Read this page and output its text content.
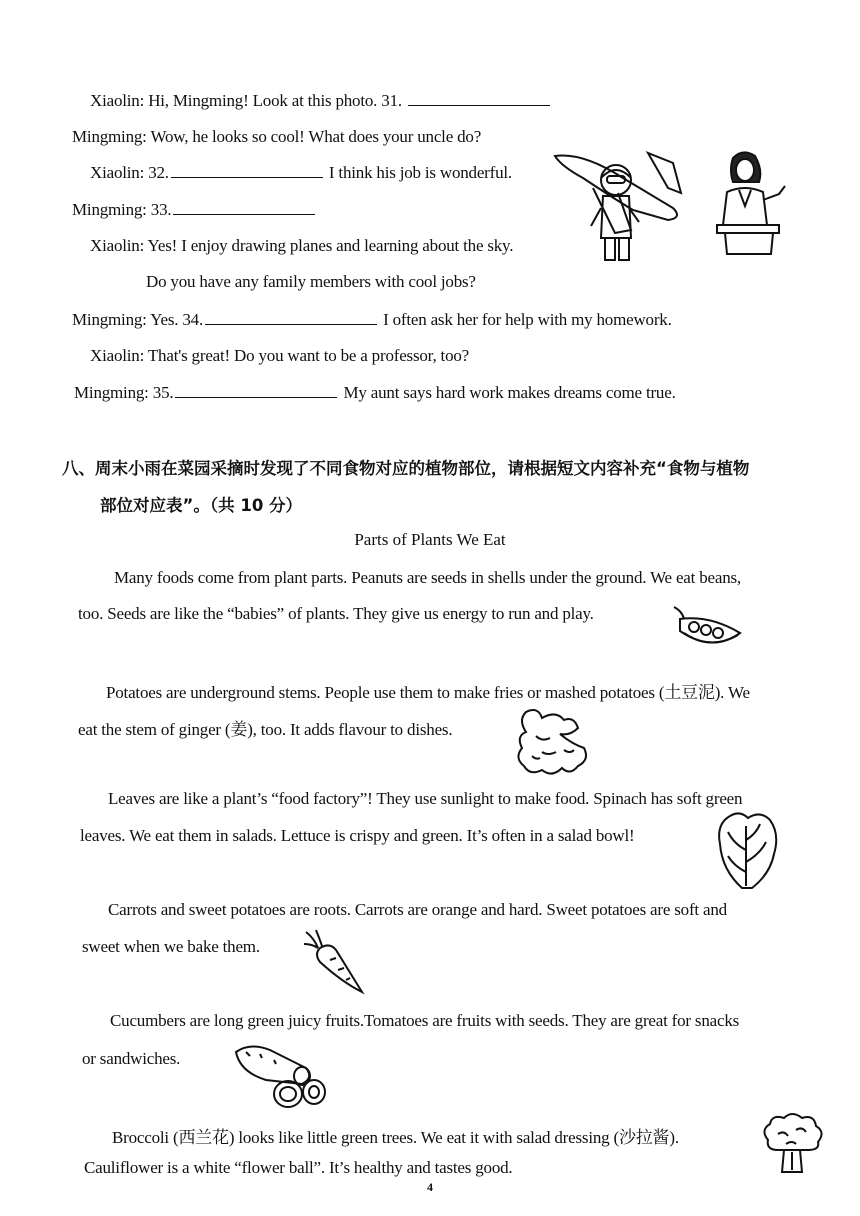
Xiaolin: Hi, Mingming! Look at this photo. 31.
Mingming: Wow, he looks so cool! What does your uncle do?
Xiaolin: 32.	I think his job is wonderful.
Mingming: 33.
Xiaolin: Yes! I enjoy drawing planes and learning about the sky.
Do you have any family members with cool jobs?
Mingming: Yes. 34.	I often ask her for help with my homework.
Xiaolin: That's great! Do you want to be a professor, too?
Mingming: 35.	My aunt says hard work makes dreams come true.
八、周末小雨在菜园采摘时发现了不同食物对应的植物部位，请根据短文内容补充“食物与植物
部位对应表”。（共 10 分）
Parts of Plants We Eat
Many foods come from plant parts. Peanuts are seeds in shells under the ground. We eat beans,
too. Seeds are like the “babies” of plants. They give us energy to run and play.
Potatoes are underground stems. People use them to make fries or mashed potatoes (土豆泥). We
eat the stem of ginger (姜), too. It adds flavour to dishes.
Leaves are like a plant’s “food factory”! They use sunlight to make food. Spinach has soft green
leaves. We eat them in salads. Lettuce is crispy and green. It’s often in a salad bowl!
Carrots and sweet potatoes are roots. Carrots are orange and hard. Sweet potatoes are soft and
sweet when we bake them.
Cucumbers are long green juicy fruits.Tomatoes are fruits with seeds. They are great for snacks
or sandwiches.
Broccoli (西兰花) looks like little green trees. We eat it with salad dressing (沙拉酱).
Cauliflower is a white “flower ball”. It’s healthy and tastes good.
4
